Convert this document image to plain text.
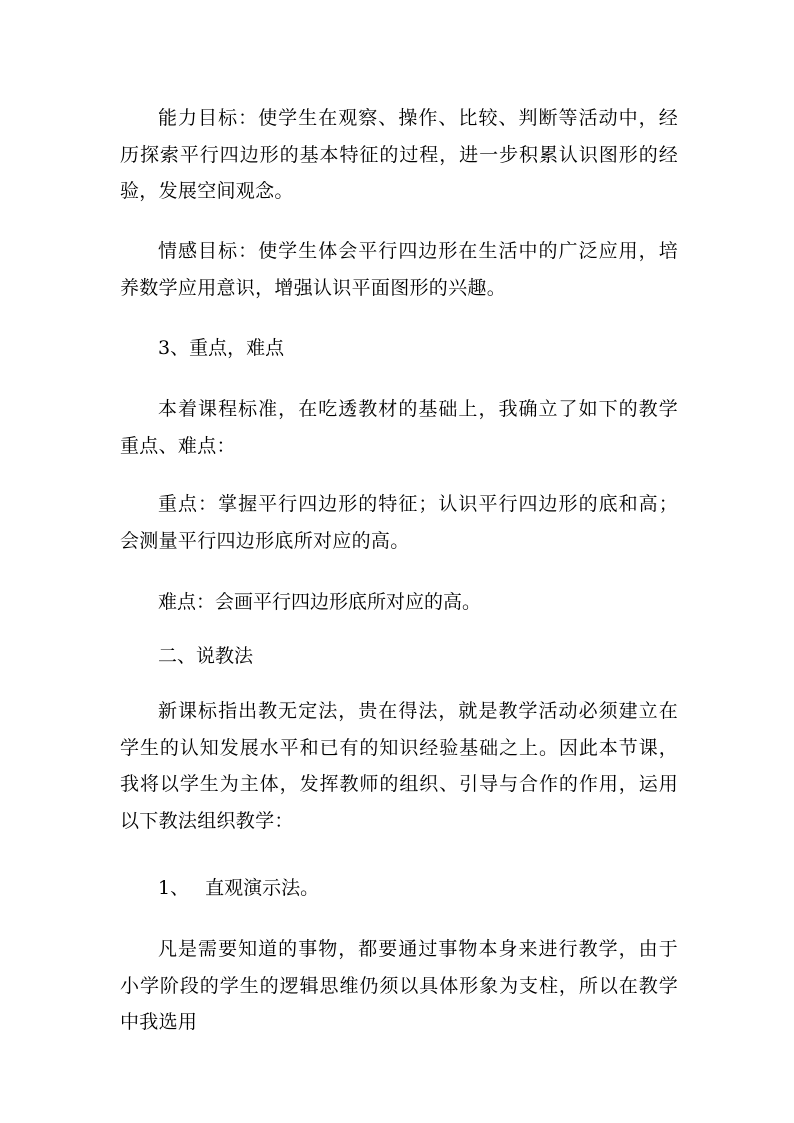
能力目标：使学生在观察、操作、比较、判断等活动中，经历探索平行四边形的基本特征的过程，进一步积累认识图形的经验，发展空间观念。

情感目标：使学生体会平行四边形在生活中的广泛应用，培养数学应用意识，增强认识平面图形的兴趣。

3、重点，难点

本着课程标准，在吃透教材的基础上，我确立了如下的教学重点、难点：

重点：掌握平行四边形的特征；认识平行四边形的底和高；会测量平行四边形底所对应的高。

难点：会画平行四边形底所对应的高。

二、说教法

新课标指出教无定法，贵在得法，就是教学活动必须建立在学生的认知发展水平和已有的知识经验基础之上。因此本节课，我将以学生为主体，发挥教师的组织、引导与合作的作用，运用以下教法组织教学：

1、 直观演示法。

凡是需要知道的事物，都要通过事物本身来进行教学，由于小学阶段的学生的逻辑思维仍须以具体形象为支柱，所以在教学中我选用
